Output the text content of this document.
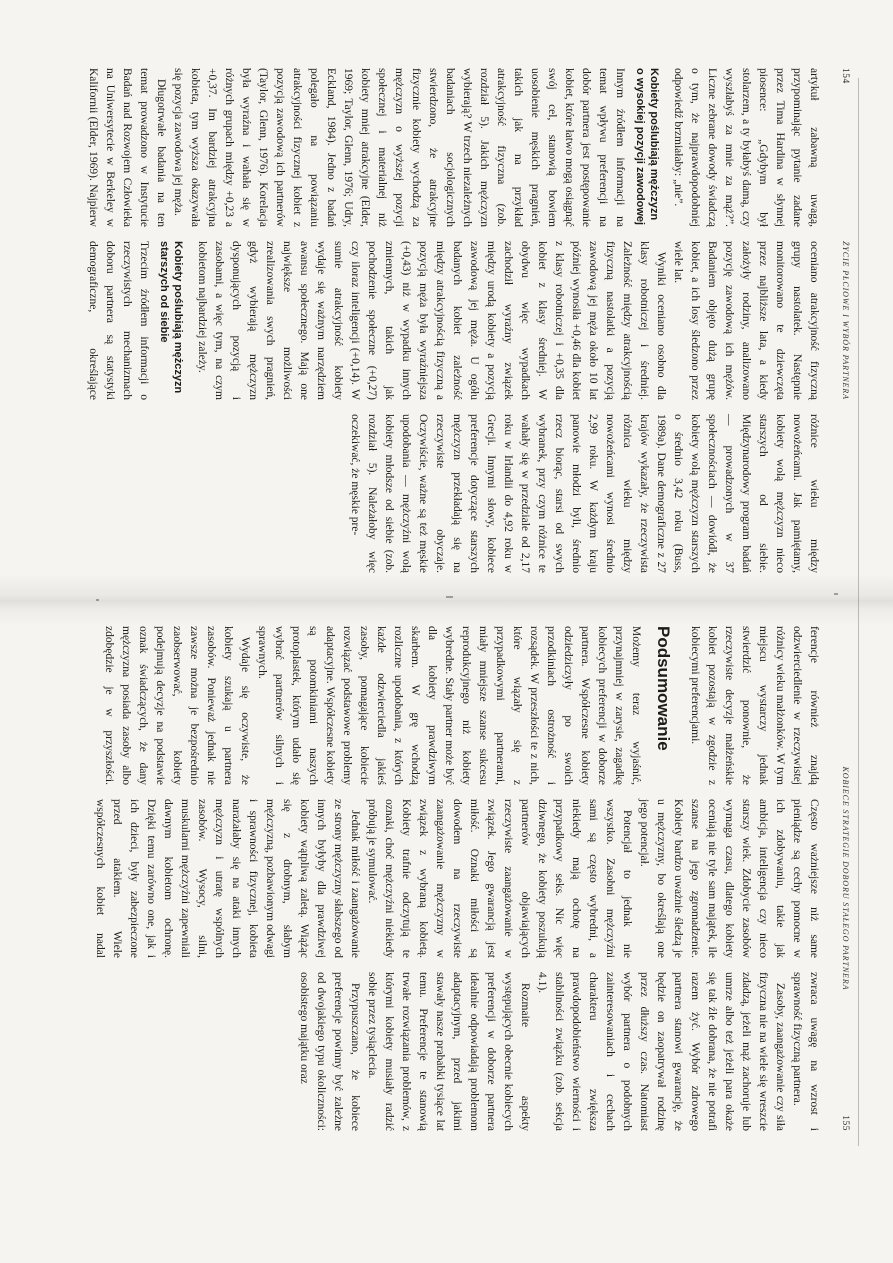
154
ŻYCIE PŁCIOWE I WYBÓR PARTNERA

artykuł zabawną uwagą, przypominając pytanie zadane przez Tima Hardina w słynnej piosence: „Gdybym był stolarzem, a ty byłabyś damą, czy wyszłabyś za mnie za mąż?”. Liczne zebrane dowody świadczą o tym, że najprawdopodobniej odpowiedź brzmiałaby: „nie”.

Kobiety poślubiają mężczyzn o wysokiej pozycji zawodowej

Innym źródłem informacji na temat wpływu preferencji na dobór partnera jest postępowanie kobiet, które łatwo mogą osiągnąć swój cel, stanowią bowiem uosobienie męskich pragnień, takich jak na przykład atrakcyjność fizyczna (zob. rozdział 5). Jakich mężczyzn wybierają? W trzech niezależnych badaniach socjologicznych stwierdzono, że atrakcyjne fizycznie kobiety wychodzą za mężczyzn o wyższej pozycji społecznej i materialnej niż kobiety mniej atrakcyjne (Elder, 1969; Taylor, Glenn, 1976; Udry, Eckland, 1984). Jedno z badań polegało na powiązaniu atrakcyjności fizycznej kobiet z pozycją zawodową ich partnerów (Taylor, Glenn, 1976). Korelacja była wyraźna i wahała się w różnych grupach między +0,23 a +0,37. Im bardziej atrakcyjna kobieta, tym wyższa okazywała się pozycja zawodowa jej męża.

Długotrwałe badania na ten temat prowadzono w Instytucie Badań nad Rozwojem Człowieka na Uniwersytecie w Berkeley w Kalifornii (Elder, 1969). Najpierw oceniano atrakcyjność fizyczną grupy nastolatek. Następnie monitorowano te dziewczęta przez najbliższe lata, a kiedy założyły rodziny, analizowano pozycję zawodową ich mężów. Badaniem objęto dużą grupę kobiet, a ich losy śledzono przez wiele lat.

Wyniki oceniano osobno dla klasy robotniczej i średniej. Zależność między atrakcyjnością fizyczną nastolatki a pozycją zawodową jej męża około 10 lat później wynosiła +0,46 dla kobiet z klasy robotniczej i +0,35 dla kobiet z klasy średniej. W obydwu więc wypadkach zachodził wyraźny związek między urodą kobiety a pozycją zawodową jej męża. U ogółu badanych kobiet zależność między atrakcyjnością fizyczną a pozycją męża była wyraźniejsza (+0,43) niż w wypadku innych zmiennych, takich jak pochodzenie społeczne (+0,27) czy iloraz inteligencji (+0,14). W sumie atrakcyjność kobiety wydaje się ważnym narzędziem awansu społecznego. Mają one największe możliwości zrealizowania swych pragnień, gdyż wybierają mężczyzn dysponujących pozycją i zasobami, a więc tym, na czym kobietom najbardziej zależy.

Kobiety poślubiają mężczyzn starszych od siebie

Trzecim źródłem informacji o rzeczywistych mechanizmach doboru partnera są statystyki demograficzne, określające różnice wieku między nowożeńcami. Jak pamiętamy, kobiety wolą mężczyzn nieco starszych od siebie. Międzynarodowy program badań — prowadzonych w 37 społecznościach — dowiódł, że kobiety wolą mężczyzn starszych o średnio 3,42 roku (Buss, 1989a). Dane demograficzne z 27 krajów wykazały, że rzeczywista różnica wieku między nowożeńcami wynosi średnio 2,99 roku. W każdym kraju panowie młodzi byli, średnio rzecz biorąc, starsi od swych wybranek, przy czym różnice te wahały się w przedziale od 2,17 roku w Irlandii do 4,92 roku w Grecji. Innymi słowy, kobiece preferencje dotyczące starszych mężczyzn przekładają się na rzeczywiste obyczaje. Oczywiście, ważne są też męskie upodobania — mężczyźni wolą kobiety młodsze od siebie (zob. rozdział 5). Należałoby więc oczekiwać, że męskie pre-

KOBIECE STRATEGIE DOBORU STAŁEGO PARTNERA
155

ferencje również znajdą odzwierciedlenie w rzeczywistej różnicy wieku małżonków. W tym miejscu wystarczy jednak stwierdzić ponownie, że rzeczywiste decyzje małżeńskie kobiet pozostają w zgodzie z kobiecymi preferencjami.

Podsumowanie

Możemy teraz wyjaśnić, przynajmniej w zarysie, zagadkę kobiecych preferencji w doborze partnera. Współczesne kobiety odziedziczyły po swoich przodkiniach ostrożność i rozsądek. W przeszłości te z nich, które wiązały się z przypadkowymi partnerami, miały mniejsze szanse sukcesu reprodukcyjnego niż kobiety wybredne. Stały partner może być dla kobiety prawdziwym skarbem. W grę wchodzą rozliczne upodobania, z których każde odzwierciedla jakieś zasoby, pomagające kobiecie rozwiązać podstawowe problemy adaptacyjne. Współczesne kobiety są potomkiniami naszych protoplastek, którym udało się wybrać partnerów silnych i sprawnych.

Wydaje się oczywiste, że kobiety szukają u partnera zasobów. Ponieważ jednak nie zawsze można je bezpośrednio zaobserwować, kobiety podejmują decyzje na podstawie oznak świadczących, że dany mężczyzna posiada zasoby albo zdobędzie je w przyszłości. Często ważniejsze niż same pieniądze są cechy pomocne w ich zdobywaniu, takie jak ambicja, inteligencja czy nieco starszy wiek. Zdobycie zasobów wymaga czasu, dlatego kobiety oceniają nie tyle sam majątek, ile szanse na jego zgromadzenie. Kobiety bardzo uważnie śledzą je u mężczyzny, bo określają one jego potencjał.

Potencjał to jednak nie wszystko. Zasobni mężczyźni sami są często wybredni, a niekiedy mają ochotę na przypadkowy seks. Nic więc dziwnego, że kobiety poszukują partnerów objawiających rzeczywiste zaangażowanie w związek. Jego gwarancją jest miłość. Oznaki miłości są dowodem na rzeczywiste zaangażowanie mężczyzny w związek z wybraną kobietą. Kobiety trafnie odczytują te oznaki, choć mężczyźni niekiedy próbują je symulować.

Jednak miłość i zaangażowanie ze strony mężczyzny słabszego od innych byłyby dla prawdziwej kobiety wątpliwą zaletą. Wiążąc się z drobnym, słabym mężczyzną, pozbawionym odwagi i sprawności fizycznej, kobieta narażałaby się na ataki innych mężczyzn i utratę wspólnych zasobów. Wysocy, silni, muskularni mężczyźni zapewniali dawnym kobietom ochronę. Dzięki temu zarówno one, jak i ich dzieci, były zabezpieczone przed atakiem. Wiele współczesnych kobiet nadal zwraca uwagę na wzrost i sprawność fizyczną partnera.

Zasoby, zaangażowanie czy siła fizyczna nie na wiele się wreszcie zdadzą, jeżeli mąż zachoruje lub umrze albo też jeżeli para okaże się tak źle dobrana, że nie potrafi razem żyć. Wybór zdrowego partnera stanowi gwarancję, że będzie on zaopatrywał rodzinę przez dłuższy czas. Natomiast wybór partnera o podobnych zainteresowaniach i cechach charakteru zwiększa prawdopodobieństwo wierności i stabilności związku (zob. sekcja 4.1).

Rozmaite aspekty występujących obecnie kobiecych preferencji w doborze partnera idealnie odpowiadają problemom adaptacyjnym, przed jakimi stawały nasze prababki tysiące lat temu. Preferencje te stanowią trwałe rozwiązania problemów, z którymi kobiety musiały radzić sobie przez tysiąclecia.

Przypuszczano, że kobiece preferencje powinny być zależne od dwojakiego typu okoliczności: osobistego majątku oraz
